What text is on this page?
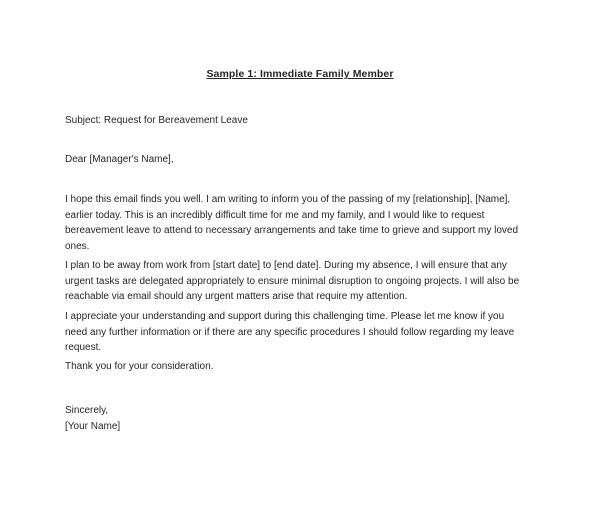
Sample 1: Immediate Family Member
Subject: Request for Bereavement Leave
Dear [Manager's Name],
I hope this email finds you well. I am writing to inform you of the passing of my [relationship], [Name], earlier today. This is an incredibly difficult time for me and my family, and I would like to request bereavement leave to attend to necessary arrangements and take time to grieve and support my loved ones.
I plan to be away from work from [start date] to [end date]. During my absence, I will ensure that any urgent tasks are delegated appropriately to ensure minimal disruption to ongoing projects. I will also be reachable via email should any urgent matters arise that require my attention.
I appreciate your understanding and support during this challenging time. Please let me know if you need any further information or if there are any specific procedures I should follow regarding my leave request.
Thank you for your consideration.
Sincerely,
[Your Name]
